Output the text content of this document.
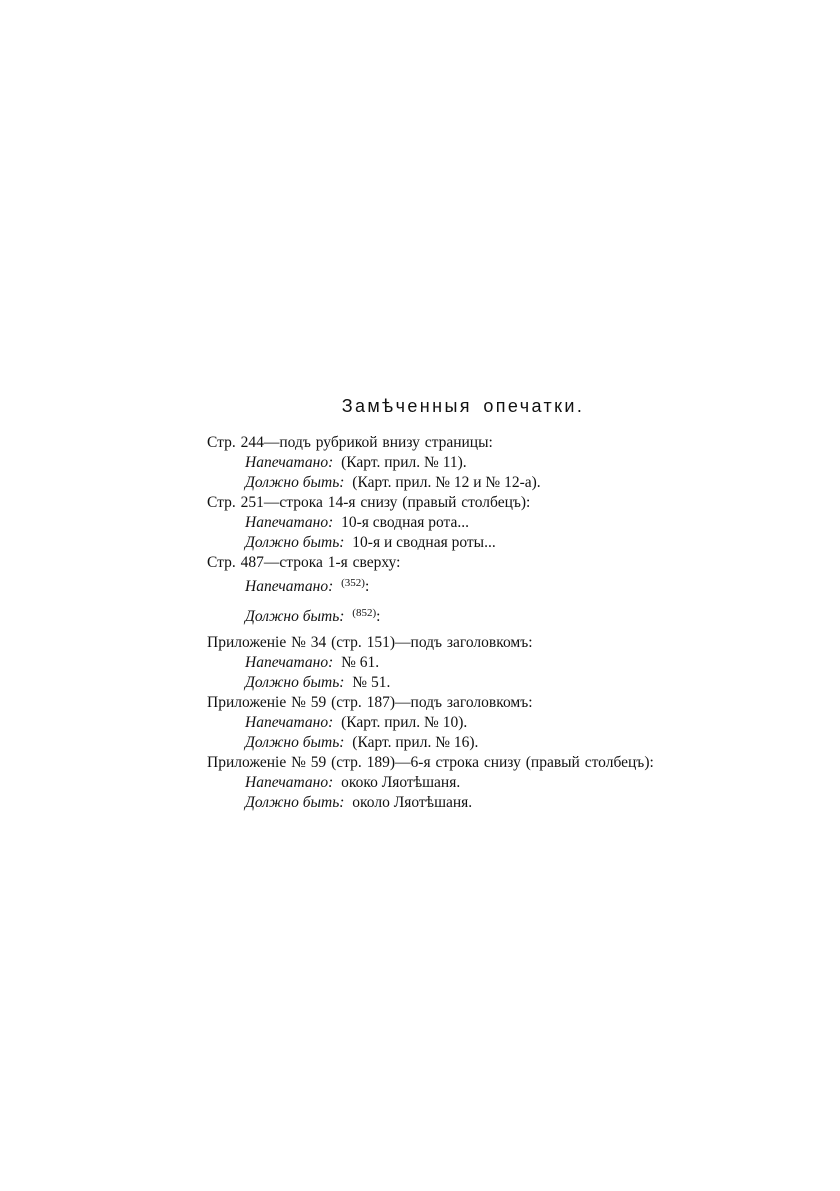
Замѣченныя опечатки.
Стр. 244—подъ рубрикой внизу страницы:
Напечатано: (Карт. прил. № 11).
Должно быть: (Карт. прил. № 12 и № 12-а).
Стр. 251—строка 14-я снизу (правый столбецъ):
Напечатано: 10-я сводная рота...
Должно быть: 10-я и сводная роты...
Стр. 487—строка 1-я сверху:
Напечатано: $^{(352)}$:
Должно быть: $^{(852)}$:
Приложеніе № 34 (стр. 151)—подъ заголовкомъ:
Напечатано: № 61.
Должно быть: № 51.
Приложеніе № 59 (стр. 187)—подъ заголовкомъ:
Напечатано: (Карт. прил. № 10).
Должно быть: (Карт. прил. № 16).
Приложеніе № 59 (стр. 189)—6-я строка снизу (правый столбецъ):
Напечатано: ококо Ляотѣшаня.
Должно быть: около Ляотѣшаня.
